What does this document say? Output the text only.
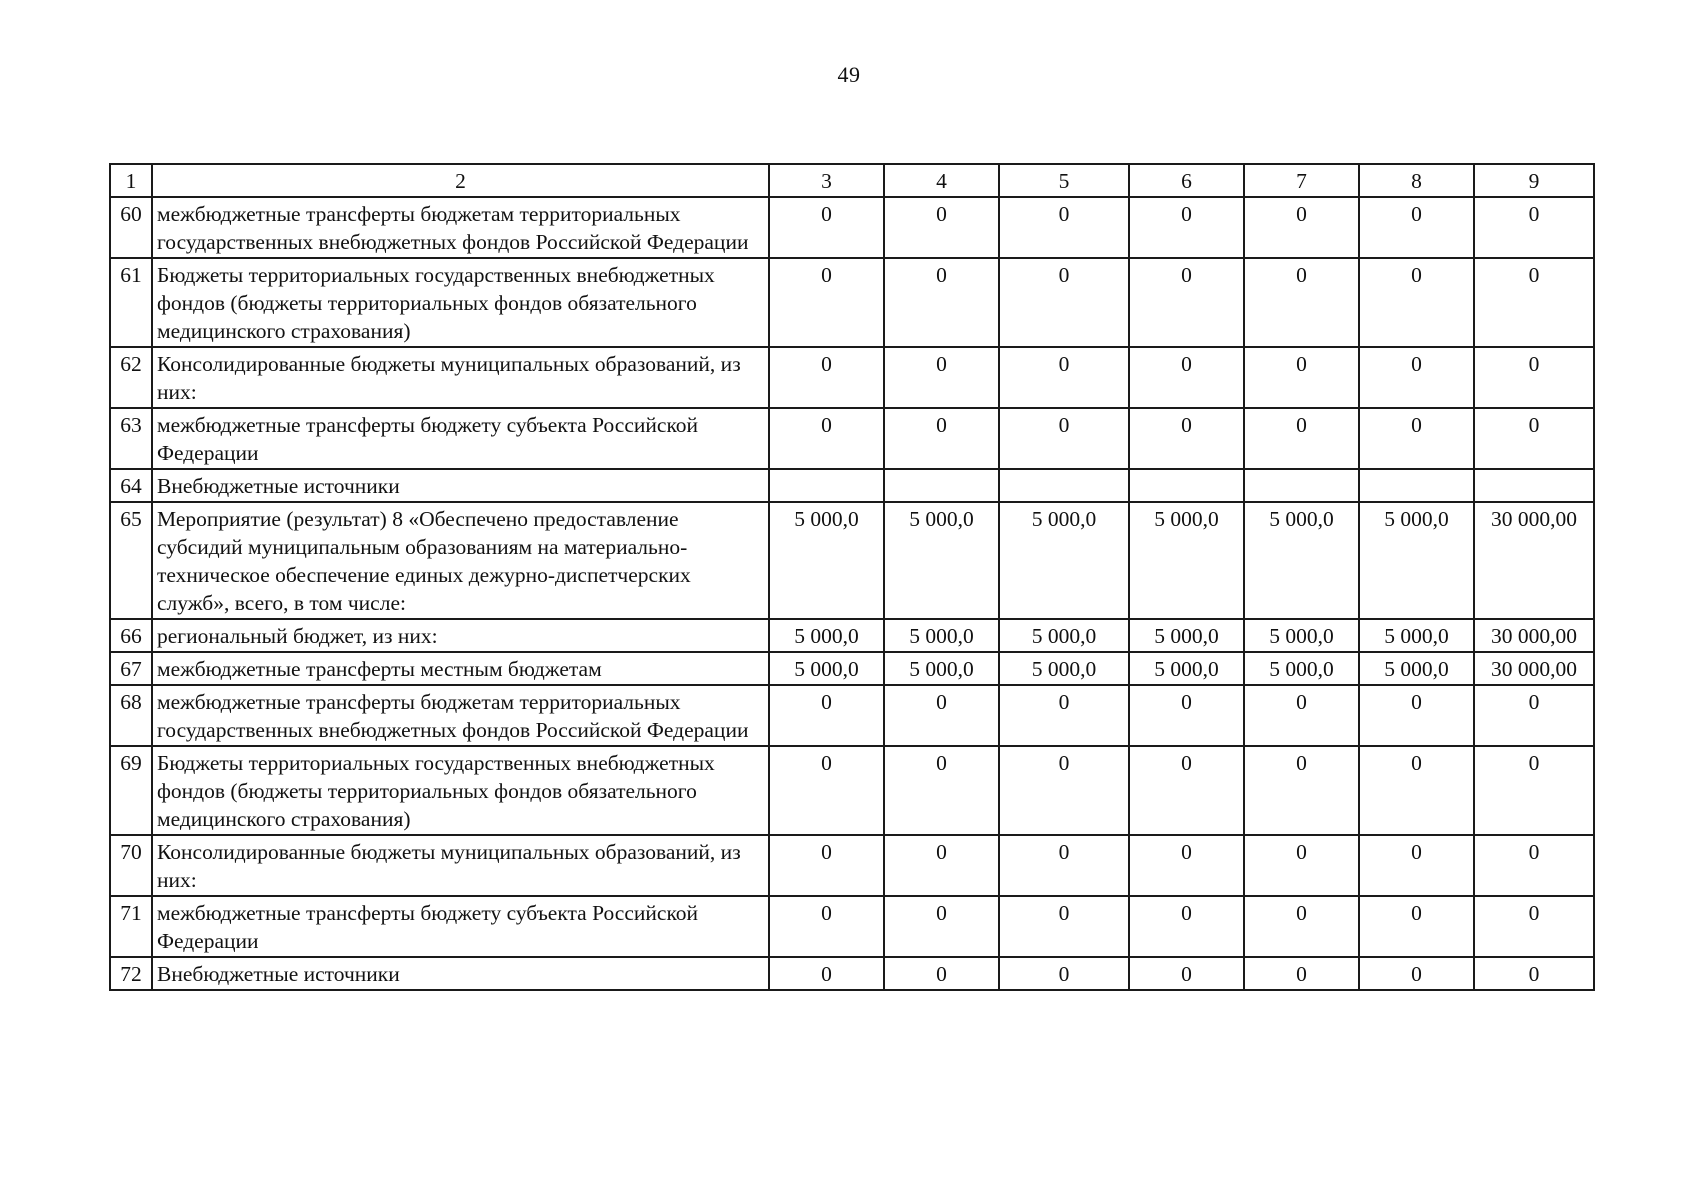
49
1	2	3	4	5	6	7	8	9
60	межбюджетные трансферты бюджетам территориальных государственных внебюджетных фондов Российской Федерации	0	0	0	0	0	0	0
61	Бюджеты территориальных государственных внебюджетных фондов (бюджеты территориальных фондов обязательного медицинского страхования)	0	0	0	0	0	0	0
62	Консолидированные бюджеты муниципальных образований, из них:	0	0	0	0	0	0	0
63	межбюджетные трансферты бюджету субъекта Российской Федерации	0	0	0	0	0	0	0
64	Внебюджетные источники							
65	Мероприятие (результат) 8 «Обеспечено предоставление субсидий муниципальным образованиям на материально-техническое обеспечение единых дежурно-диспетчерских служб», всего, в том числе:	5 000,0	5 000,0	5 000,0	5 000,0	5 000,0	5 000,0	30 000,00
66	региональный бюджет, из них:	5 000,0	5 000,0	5 000,0	5 000,0	5 000,0	5 000,0	30 000,00
67	межбюджетные трансферты местным бюджетам	5 000,0	5 000,0	5 000,0	5 000,0	5 000,0	5 000,0	30 000,00
68	межбюджетные трансферты бюджетам территориальных государственных внебюджетных фондов Российской Федерации	0	0	0	0	0	0	0
69	Бюджеты территориальных государственных внебюджетных фондов (бюджеты территориальных фондов обязательного медицинского страхования)	0	0	0	0	0	0	0
70	Консолидированные бюджеты муниципальных образований, из них:	0	0	0	0	0	0	0
71	межбюджетные трансферты бюджету субъекта Российской Федерации	0	0	0	0	0	0	0
72	Внебюджетные источники	0	0	0	0	0	0	0
